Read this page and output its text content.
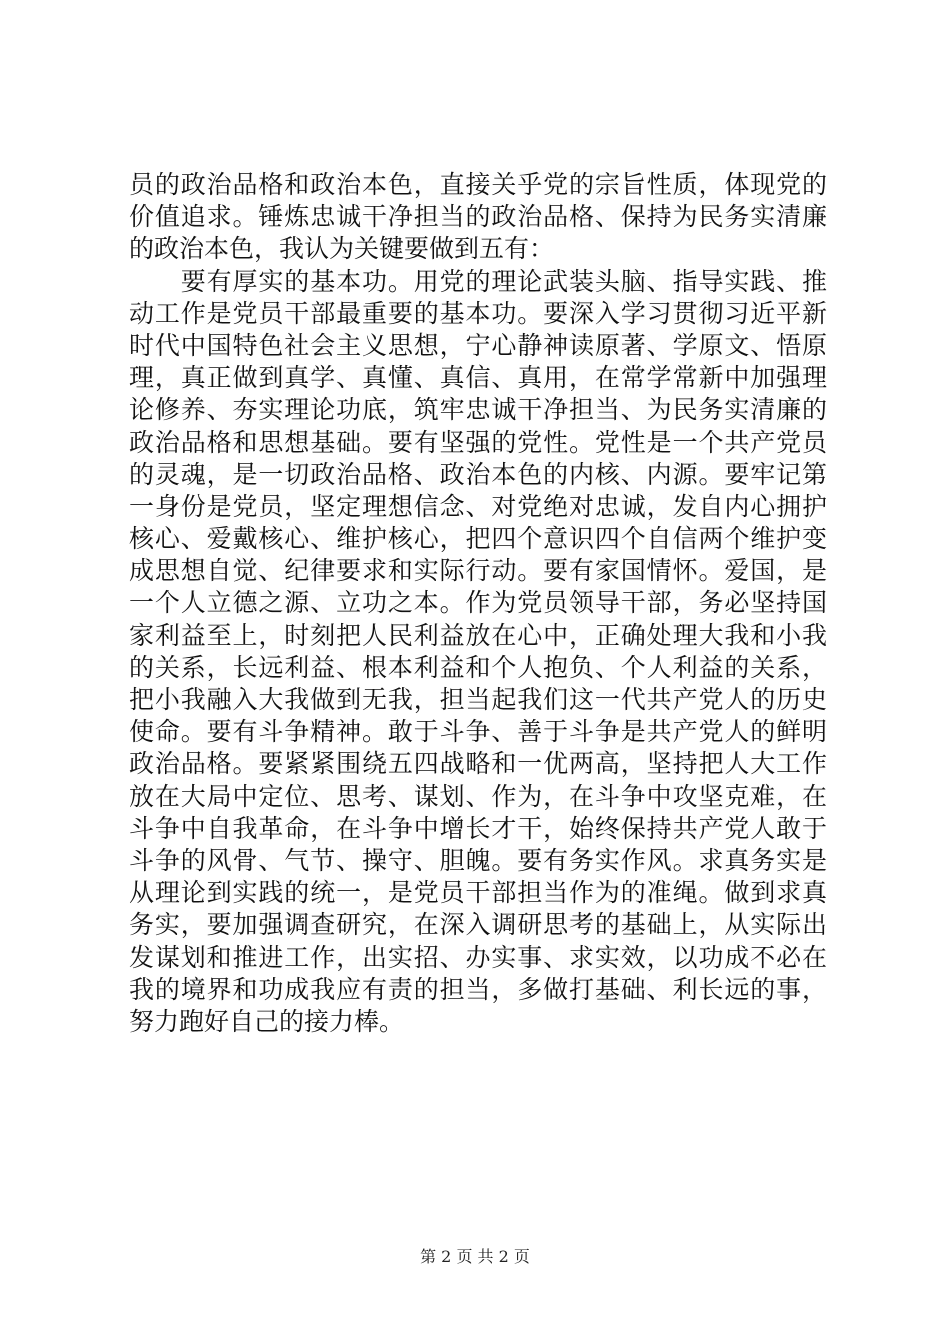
员的政治品格和政治本色，直接关乎党的宗旨性质，体现党的
价值追求。锤炼忠诚干净担当的政治品格、保持为民务实清廉
的政治本色，我认为关键要做到五有：
　　要有厚实的基本功。用党的理论武装头脑、指导实践、推
动工作是党员干部最重要的基本功。要深入学习贯彻习近平新
时代中国特色社会主义思想，宁心静神读原著、学原文、悟原
理，真正做到真学、真懂、真信、真用，在常学常新中加强理
论修养、夯实理论功底，筑牢忠诚干净担当、为民务实清廉的
政治品格和思想基础。要有坚强的党性。党性是一个共产党员
的灵魂，是一切政治品格、政治本色的内核、内源。要牢记第
一身份是党员，坚定理想信念、对党绝对忠诚，发自内心拥护
核心、爱戴核心、维护核心，把四个意识四个自信两个维护变
成思想自觉、纪律要求和实际行动。要有家国情怀。爱国，是
一个人立德之源、立功之本。作为党员领导干部，务必坚持国
家利益至上，时刻把人民利益放在心中，正确处理大我和小我
的关系，长远利益、根本利益和个人抱负、个人利益的关系，
把小我融入大我做到无我，担当起我们这一代共产党人的历史
使命。要有斗争精神。敢于斗争、善于斗争是共产党人的鲜明
政治品格。要紧紧围绕五四战略和一优两高，坚持把人大工作
放在大局中定位、思考、谋划、作为，在斗争中攻坚克难，在
斗争中自我革命，在斗争中增长才干，始终保持共产党人敢于
斗争的风骨、气节、操守、胆魄。要有务实作风。求真务实是
从理论到实践的统一，是党员干部担当作为的准绳。做到求真
务实，要加强调查研究，在深入调研思考的基础上，从实际出
发谋划和推进工作，出实招、办实事、求实效，以功成不必在
我的境界和功成我应有责的担当，多做打基础、利长远的事，
努力跑好自己的接力棒。
第 2 页 共 2 页
